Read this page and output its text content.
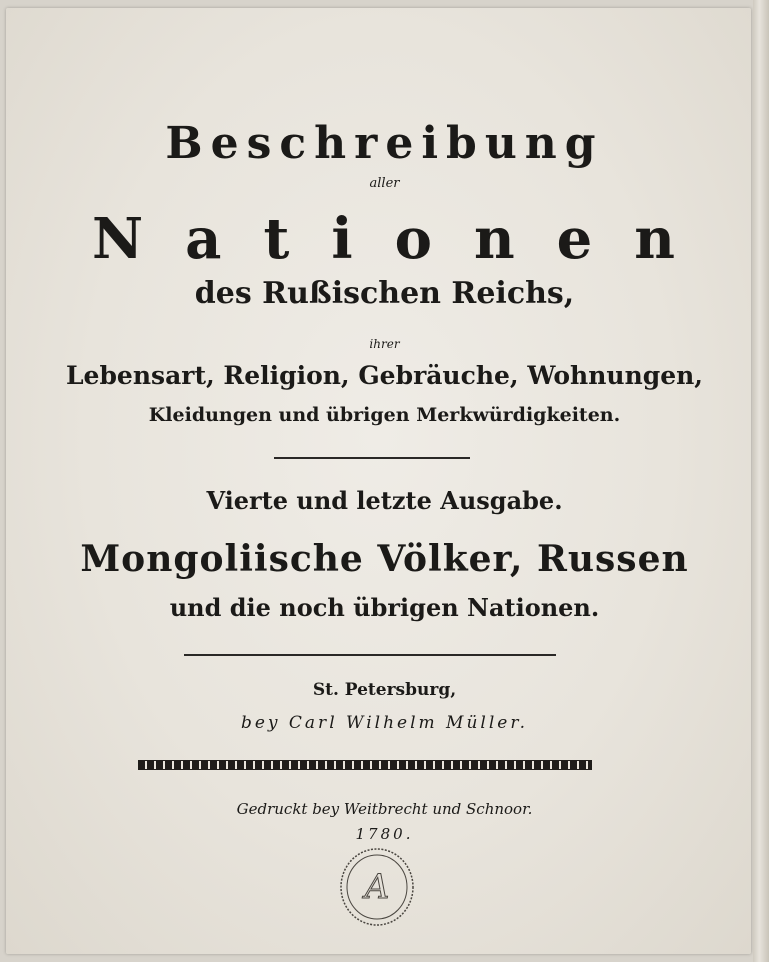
Beschreibung
aller
Nationen
des Rußischen Reichs,
ihrer
Lebensart, Religion, Gebräuche, Wohnungen,
Kleidungen und übrigen Merkwürdigkeiten.
Vierte und letzte Ausgabe.
Mongoliische Völker, Russen
und die noch übrigen Nationen.
St. Petersburg,
bey Carl Wilhelm Müller.
Gedruckt bey Weitbrecht und Schnoor.
1780.
A
